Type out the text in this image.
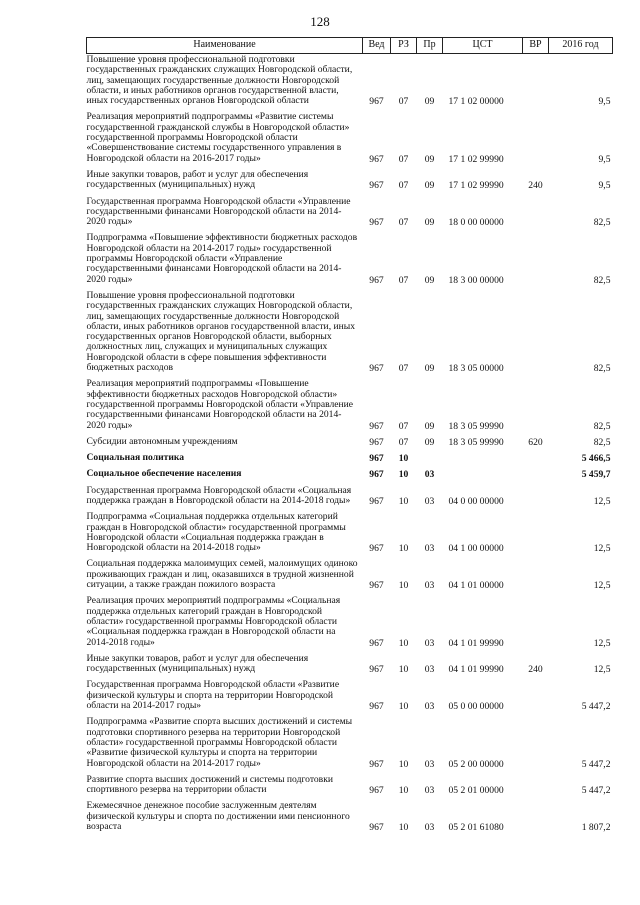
128
Наименование	Вед	РЗ	Пр	ЦСТ	ВР	2016 год
Повышение уровня профессиональной подготовки государственных гражданских служащих Новгородской области, лиц, замещающих государственные должности Новгородской области, и иных работников органов государственной власти, иных государственных органов Новгородской области	967	07	09	17 1 02 00000		9,5
Реализация мероприятий подпрограммы «Развитие системы государственной гражданской службы в Новгородской области» государственной программы Новгородской области «Совершенствование системы государственного управления в Новгородской области на 2016-2017 годы»	967	07	09	17 1 02 99990		9,5
Иные закупки товаров, работ и услуг для обеспечения государственных (муниципальных) нужд	967	07	09	17 1 02 99990	240	9,5
Государственная программа Новгородской области «Управление государственными финансами Новгородской области на 2014-2020 годы»	967	07	09	18 0 00 00000		82,5
Подпрограмма «Повышение эффективности бюджетных расходов Новгородской области на 2014-2017 годы» государственной программы Новгородской области «Управление государственными финансами Новгородской области на 2014-2020 годы»	967	07	09	18 3 00 00000		82,5
Повышение уровня профессиональной подготовки государственных гражданских служащих Новгородской области, лиц, замещающих государственные должности Новгородской области, иных работников органов государственной власти, иных государственных органов Новгородской области, выборных должностных лиц, служащих и муниципальных служащих Новгородской области в сфере повышения эффективности бюджетных расходов	967	07	09	18 3 05 00000		82,5
Реализация мероприятий подпрограммы «Повышение эффективности бюджетных расходов Новгородской области» государственной программы Новгородской области «Управление государственными финансами Новгородской области на 2014-2020 годы»	967	07	09	18 3 05 99990		82,5
Субсидии автономным учреждениям	967	07	09	18 3 05 99990	620	82,5
Социальная политика	967	10				5 466,5
Социальное обеспечение населения	967	10	03			5 459,7
Государственная программа Новгородской области «Социальная поддержка граждан в Новгородской области на 2014-2018 годы»	967	10	03	04 0 00 00000		12,5
Подпрограмма «Социальная поддержка отдельных категорий граждан в Новгородской области» государственной программы Новгородской области «Социальная поддержка граждан в Новгородской области на 2014-2018 годы»	967	10	03	04 1 00 00000		12,5
Социальная поддержка малоимущих семей, малоимущих одиноко проживающих граждан и лиц, оказавшихся в трудной жизненной ситуации, а также граждан пожилого возраста	967	10	03	04 1 01 00000		12,5
Реализация прочих мероприятий подпрограммы «Социальная поддержка отдельных категорий граждан в Новгородской области» государственной программы Новгородской области «Социальная поддержка граждан в Новгородской области на 2014-2018 годы»	967	10	03	04 1 01 99990		12,5
Иные закупки товаров, работ и услуг для обеспечения государственных (муниципальных) нужд	967	10	03	04 1 01 99990	240	12,5
Государственная программа Новгородской области «Развитие физической культуры и спорта на территории Новгородской области на 2014-2017 годы»	967	10	03	05 0 00 00000		5 447,2
Подпрограмма «Развитие спорта высших достижений и системы подготовки спортивного резерва на территории Новгородской области» государственной программы Новгородской области «Развитие физической культуры и спорта на территории Новгородской области на 2014-2017 годы»	967	10	03	05 2 00 00000		5 447,2
Развитие спорта высших достижений и системы подготовки спортивного резерва на территории области	967	10	03	05 2 01 00000		5 447,2
Ежемесячное денежное пособие заслуженным деятелям физической культуры и спорта по достижении ими пенсионного возраста	967	10	03	05 2 01 61080		1 807,2
